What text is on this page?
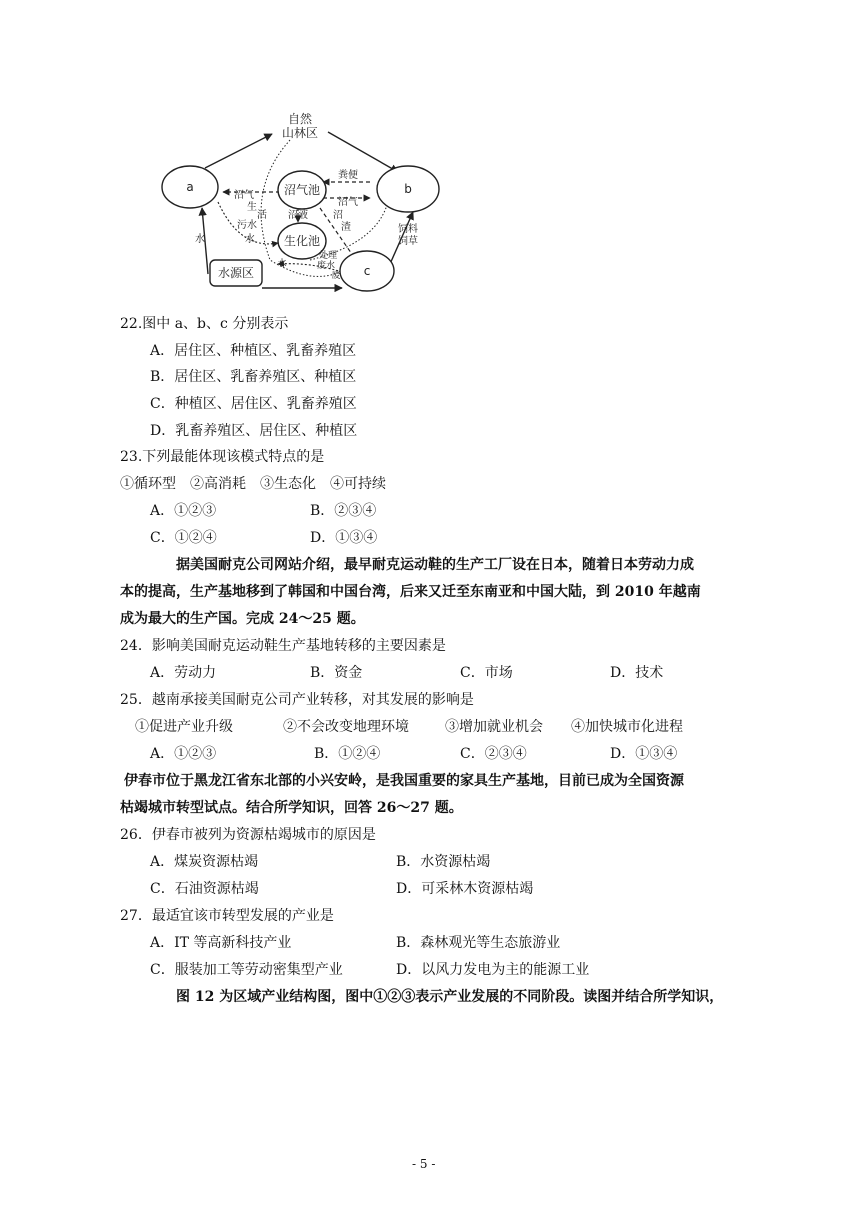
自然
山林区
a	b
c
沼气池
生化池
水源区
粪便
沼气
沼气
生
活
污 水
水
沼液	沼
渣	饲料
饲草
水
水
处理
废水
废
22.图中 a、b、c 分别表示
A．居住区、种植区、乳畜养殖区
B．居住区、乳畜养殖区、种植区
C．种植区、居住区、乳畜养殖区
D．乳畜养殖区、居住区、种植区
23.下列最能体现该模式特点的是
①循环型　②高消耗　③生态化　④可持续
A．①②③	B．②③④
C．①②④	D．①③④
据美国耐克公司网站介绍，最早耐克运动鞋的生产工厂设在日本，随着日本劳动力成
本的提高，生产基地移到了韩国和中国台湾，后来又迁至东南亚和中国大陆，到 2010 年越南
成为最大的生产国。完成 24～25 题。
24．影响美国耐克运动鞋生产基地转移的主要因素是
A．劳动力	B．资金	C．市场	D．技术
25．越南承接美国耐克公司产业转移，对其发展的影响是
①促进产业升级	②不会改变地理环境	③增加就业机会 ④加快城市化进程
A．①②③	B．①②④	C．②③④	D．①③④
伊春市位于黑龙江省东北部的小兴安岭，是我国重要的家具生产基地，目前已成为全国资源
枯竭城市转型试点。结合所学知识，回答 26～27 题。
26．伊春市被列为资源枯竭城市的原因是
A．煤炭资源枯竭	B．水资源枯竭
C．石油资源枯竭	D．可采林木资源枯竭
27．最适宜该市转型发展的产业是
A．IT 等高新科技产业	B．森林观光等生态旅游业
C．服装加工等劳动密集型产业	D．以风力发电为主的能源工业
图 12 为区域产业结构图，图中①②③表示产业发展的不同阶段。读图并结合所学知识，
- 5 -
